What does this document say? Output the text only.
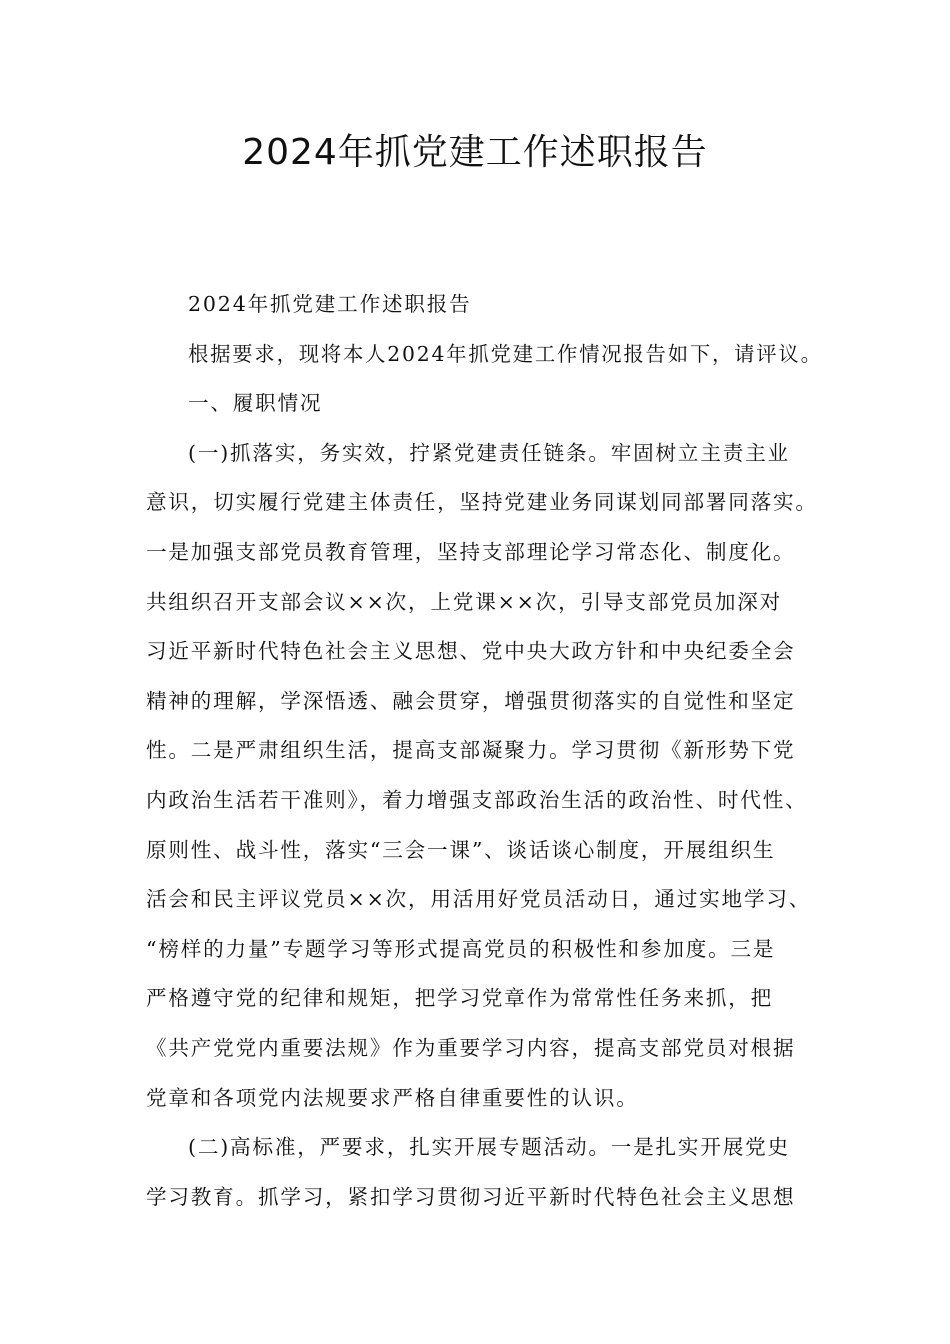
2024年抓党建工作述职报告
2024年抓党建工作述职报告
根据要求，现将本人2024年抓党建工作情况报告如下，请评议。
一、履职情况
(一)抓落实，务实效，拧紧党建责任链条。牢固树立主责主业
意识，切实履行党建主体责任，坚持党建业务同谋划同部署同落实。
一是加强支部党员教育管理，坚持支部理论学习常态化、制度化。
共组织召开支部会议××次，上党课××次，引导支部党员加深对
习近平新时代特色社会主义思想、党中央大政方针和中央纪委全会
精神的理解，学深悟透、融会贯穿，增强贯彻落实的自觉性和坚定
性。二是严肃组织生活，提高支部凝聚力。学习贯彻《新形势下党
内政治生活若干准则》，着力增强支部政治生活的政治性、时代性、
原则性、战斗性，落实“三会一课”、谈话谈心制度，开展组织生
活会和民主评议党员××次，用活用好党员活动日，通过实地学习、
“榜样的力量”专题学习等形式提高党员的积极性和参加度。三是
严格遵守党的纪律和规矩，把学习党章作为常常性任务来抓，把
《共产党党内重要法规》作为重要学习内容，提高支部党员对根据
党章和各项党内法规要求严格自律重要性的认识。
(二)高标准，严要求，扎实开展专题活动。一是扎实开展党史
学习教育。抓学习，紧扣学习贯彻习近平新时代特色社会主义思想
